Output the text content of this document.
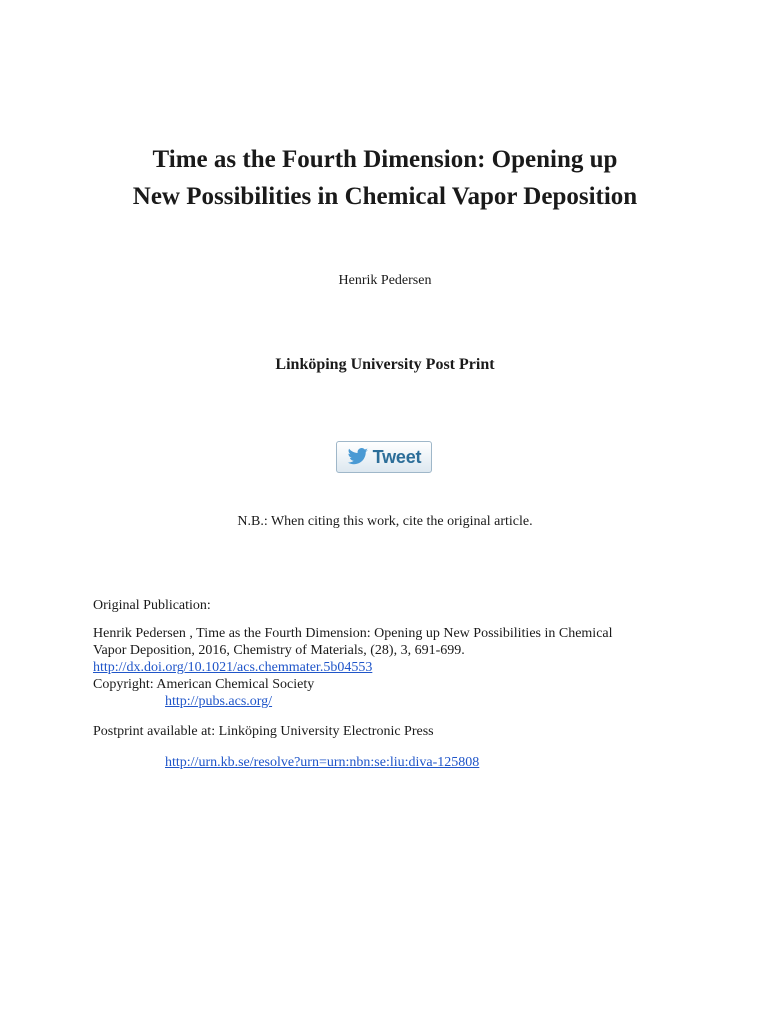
Time as the Fourth Dimension: Opening up
New Possibilities in Chemical Vapor Deposition
Henrik Pedersen
Linköping University Post Print
Tweet
N.B.: When citing this work, cite the original article.
Original Publication:
Henrik Pedersen , Time as the Fourth Dimension: Opening up New Possibilities in Chemical
Vapor Deposition, 2016, Chemistry of Materials, (28), 3, 691-699.
http://dx.doi.org/10.1021/acs.chemmater.5b04553
Copyright: American Chemical Society
http://pubs.acs.org/
Postprint available at: Linköping University Electronic Press
http://urn.kb.se/resolve?urn=urn:nbn:se:liu:diva-125808
